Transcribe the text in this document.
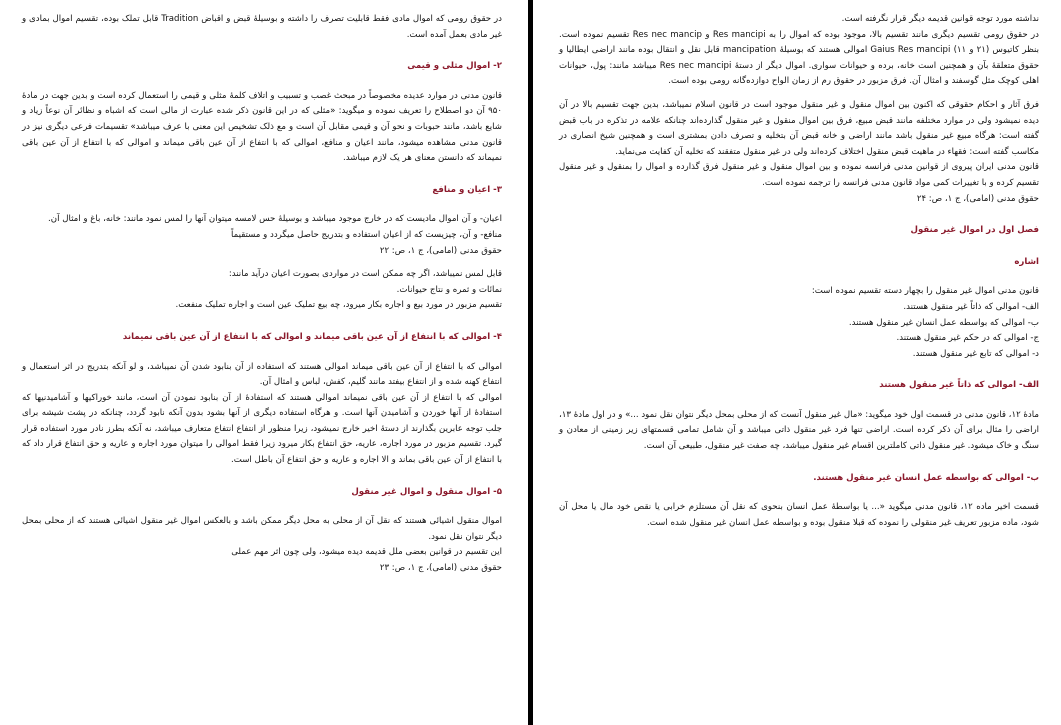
در حقوق رومی که اموال مادی فقط قابلیت تصرف را داشته و بوسیلهٔ قبض و اقباض Tradition قابل تملک بوده، تقسیم اموال بمادی و غیر مادی بعمل آمده است.

۲- اموال مثلی و قیمی

قانون مدنی در موارد عدیده مخصوصاً در مبحث غصب و تسبیب و اتلاف کلمهٔ مثلی و قیمی را استعمال کرده است و بدین جهت در مادهٔ ۹۵۰ آن دو اصطلاح را تعریف نموده و میگوید: «مثلی که در این قانون ذکر شده عبارت از مالی است که اشباه و نظائر آن نوعاً زیاد و شایع باشد، مانند حبوبات و نحو آن و قیمی مقابل آن است و مع ذلک تشخیص این معنی با عرف میباشد» تقسیمات فرعی دیگری نیز در قانون مدنی مشاهده میشود، مانند اعیان و منافع، اموالی که با انتفاع از آن عین باقی میماند و اموالی که با انتفاع از آن عین باقی نمیماند که دانستن معنای هر یک لازم میباشد.

۳- اعیان و منافع

اعیان- و آن اموال مادیست که در خارج موجود میباشد و بوسیلهٔ حس لامسه میتوان آنها را لمس نمود مانند: خانه، باغ و امثال آن.

منافع- و آن، چیزیست که از اعیان استفاده و بتدریج حاصل میگردد و مستقیماً

حقوق مدنی (امامی)، ج ۱، ص: ۲۲

قابل لمس نمیباشد، اگر چه ممکن است در مواردی بصورت اعیان درآید مانند:

نمائات و ثمره و نتاج حیوانات.

تقسیم مزبور در مورد بیع و اجاره بکار میرود، چه بیع تملیک عین است و اجاره تملیک منفعت.

۴- اموالی که با انتفاع از آن عین باقی میماند و اموالی که با انتفاع از آن عین باقی نمیماند

اموالی که با انتفاع از آن عین باقی میماند اموالی هستند که استفاده از آن بنابود شدن آن نمیباشد، و لو آنکه بتدریج در اثر استعمال و انتفاع کهنه شده و از انتفاع بیفتد مانند گلیم، کفش، لباس و امثال آن.

اموالی که با انتفاع از آن عین باقی نمیماند اموالی هستند که استفادهٔ از آن بنابود نمودن آن است، مانند خوراکیها و آشامیدنیها که استفادهٔ از آنها خوردن و آشامیدن آنها است. و هرگاه استفاده دیگری از آنها بشود بدون آنکه نابود گردد، چنانکه در پشت شیشه برای جلب توجه عابرین بگذارند از دستهٔ اخیر خارج نمیشود، زیرا منظور از انتفاع انتفاع متعارف میباشد، نه آنکه بطرز نادر مورد استفاده قرار گیرد. تقسیم مزبور در مورد اجاره، عاریه، حق انتفاع بکار میرود زیرا فقط اموالی را میتوان مورد اجاره و عاریه و حق انتفاع قرار داد که با انتفاع از آن عین باقی بماند و الا اجاره و عاریه و حق انتفاع آن باطل است.

۵- اموال منقول و اموال غیر منقول

اموال منقول اشیائی هستند که نقل آن از محلی به محل دیگر ممکن باشد و بالعکس اموال غیر منقول اشیائی هستند که از محلی بمحل دیگر نتوان نقل نمود.

این تقسیم در قوانین بعضی ملل قدیمه دیده میشود، ولی چون اثر مهم عملی

حقوق مدنی (امامی)، ج ۱، ص: ۲۳

نداشته مورد توجه قوانین قدیمه دیگر قرار نگرفته است.

در حقوق رومی تقسیم دیگری مانند تقسیم بالا، موجود بوده که اموال را به Res mancipi و Res nec mancip تقسیم نموده است. بنظر کاتیوس (۲۱ و ۱۱) Gaius Res mancipi اموالی هستند که بوسیلهٔ mancipation قابل نقل و انتقال بوده مانند اراضی ایطالیا و حقوق متعلقهٔ بآن و همچنین است خانه، برده و حیوانات سواری. اموال دیگر از دستهٔ Res nec mancipi میباشد مانند: پول، حیوانات اهلی کوچک مثل گوسفند و امثال آن. فرق مزبور در حقوق رم از زمان الواح دوازده‌گانه رومی بوده است.

فرق آثار و احکام حقوقی که اکنون بین اموال منقول و غیر منقول موجود است در قانون اسلام نمیباشد، بدین جهت تقسیم بالا در آن دیده نمیشود ولی در موارد مختلفه مانند قبض مبیع، فرق بین اموال منقول و غیر منقول گذارده‌اند چنانکه علامه در تذکره در باب قبض گفته است: هرگاه مبیع غیر منقول باشد مانند اراضی و خانه قبض آن بتخلیه و تصرف دادن بمشتری است و همچنین شیخ انصاری در مکاسب گفته است: فقهاء در ماهیت قبض منقول اختلاف کرده‌اند ولی در غیر منقول متفقند که تخلیه آن کفایت می‌نماید.

قانون مدنی ایران پیروی از قوانین مدنی فرانسه نموده و بین اموال منقول و غیر منقول فرق گذارده و اموال را بمنقول و غیر منقول تقسیم کرده و با تغییرات کمی مواد قانون مدنی فرانسه را ترجمه نموده است.

حقوق مدنی (امامی)، ج ۱، ص: ۲۴

فصل اول در اموال غیر منقول

اشاره

قانون مدنی اموال غیر منقول را بچهار دسته تقسیم نموده است:

الف- اموالی که ذاتاً غیر منقول هستند.

ب- اموالی که بواسطه عمل انسان غیر منقول هستند.

ج- اموالی که در حکم غیر منقول هستند.

د- اموالی که تابع غیر منقول هستند.

الف- اموالی که ذاتاً غیر منقول هستند

مادهٔ ۱۲، قانون مدنی در قسمت اول خود میگوید: «مال غیر منقول آنست که از محلی بمحل دیگر نتوان نقل نمود ...» و در اول مادهٔ ۱۳، اراضی را مثال برای آن ذکر کرده است. اراضی تنها فرد غیر منقول ذاتی میباشد و آن شامل تمامی قسمتهای زیر زمینی از معادن و سنگ و خاک میشود. غیر منقول ذاتی کاملترین اقسام غیر منقول میباشد، چه صفت غیر منقول، طبیعی آن است.

ب- اموالی که بواسطه عمل انسان غیر منقول هستند.

قسمت اخیر ماده ۱۲، قانون مدنی میگوید «... یا بواسطهٔ عمل انسان بنحوی که نقل آن مستلزم خرابی یا نقص خود مال یا محل آن شود، ماده مزبور تعریف غیر منقولی را نموده که قبلا منقول بوده و بواسطه عمل انسان غیر منقول شده است.
